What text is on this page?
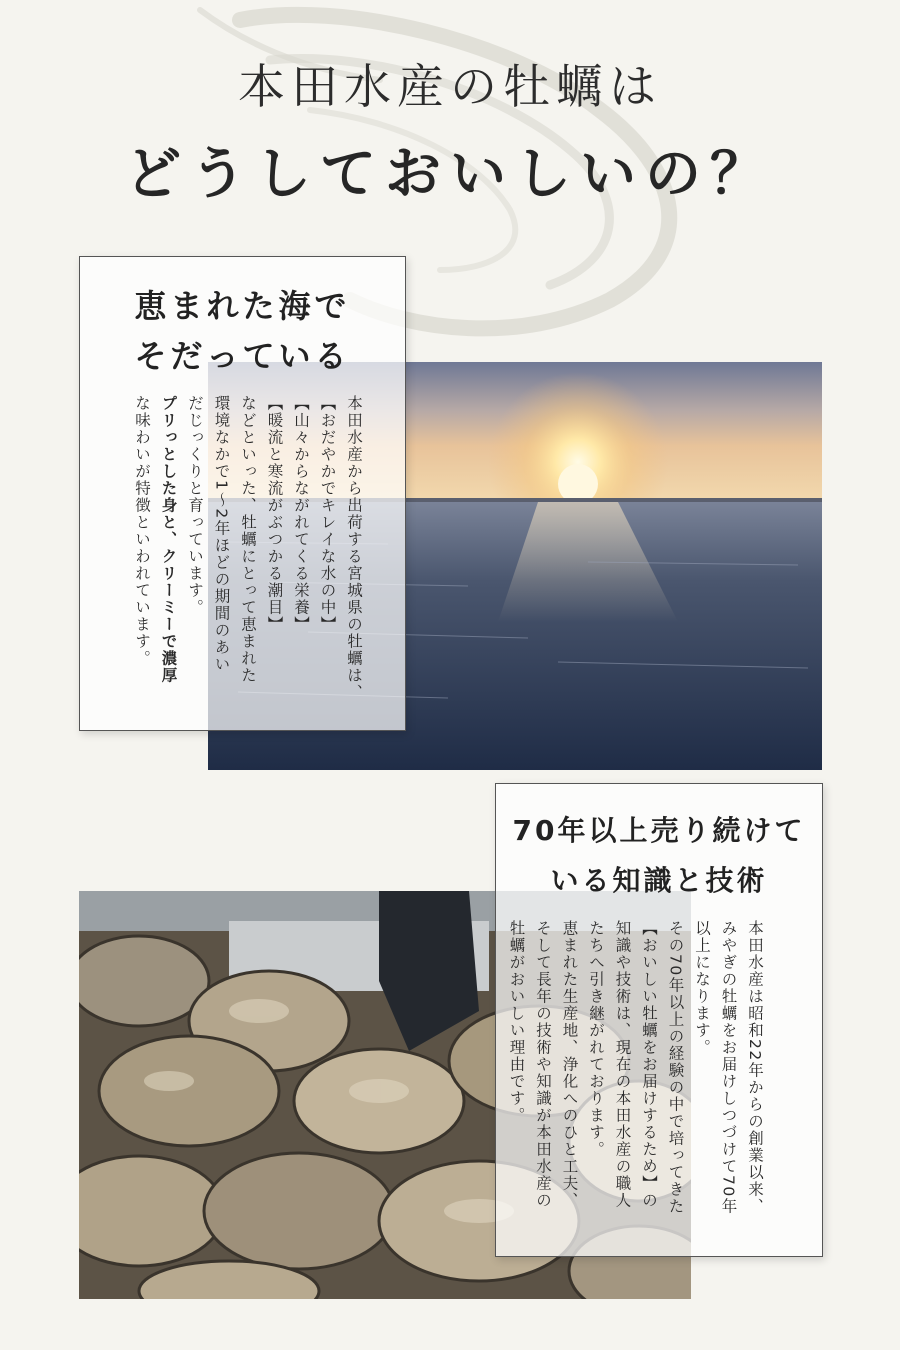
本田水産の牡蠣は
どうしておいしいの？
恵まれた海で
そだっている

本田水産から出荷する宮城県の牡蠣は、

【おだやかでキレイな水の中】

【山々からながれてくる栄養】

【暖流と寒流がぶつかる潮目】

などといった、牡蠣にとって恵まれた

環境なかで1～2年ほどの期間のあい

だじっくりと育っています。

プリっとした身と、クリーミーで濃厚

な味わいが特徴といわれています。

70年以上売り続けて
いる知識と技術

本田水産は昭和22年からの創業以来、

みやぎの牡蠣をお届けしつづけて70年

以上になります。

その70年以上の経験の中で培ってきた

【おいしい牡蠣をお届けするため】の

知識や技術は、現在の本田水産の職人

たちへ引き継がれております。

恵まれた生産地、浄化へのひと工夫、

そして長年の技術や知識が本田水産の

牡蠣がおいしい理由です。
